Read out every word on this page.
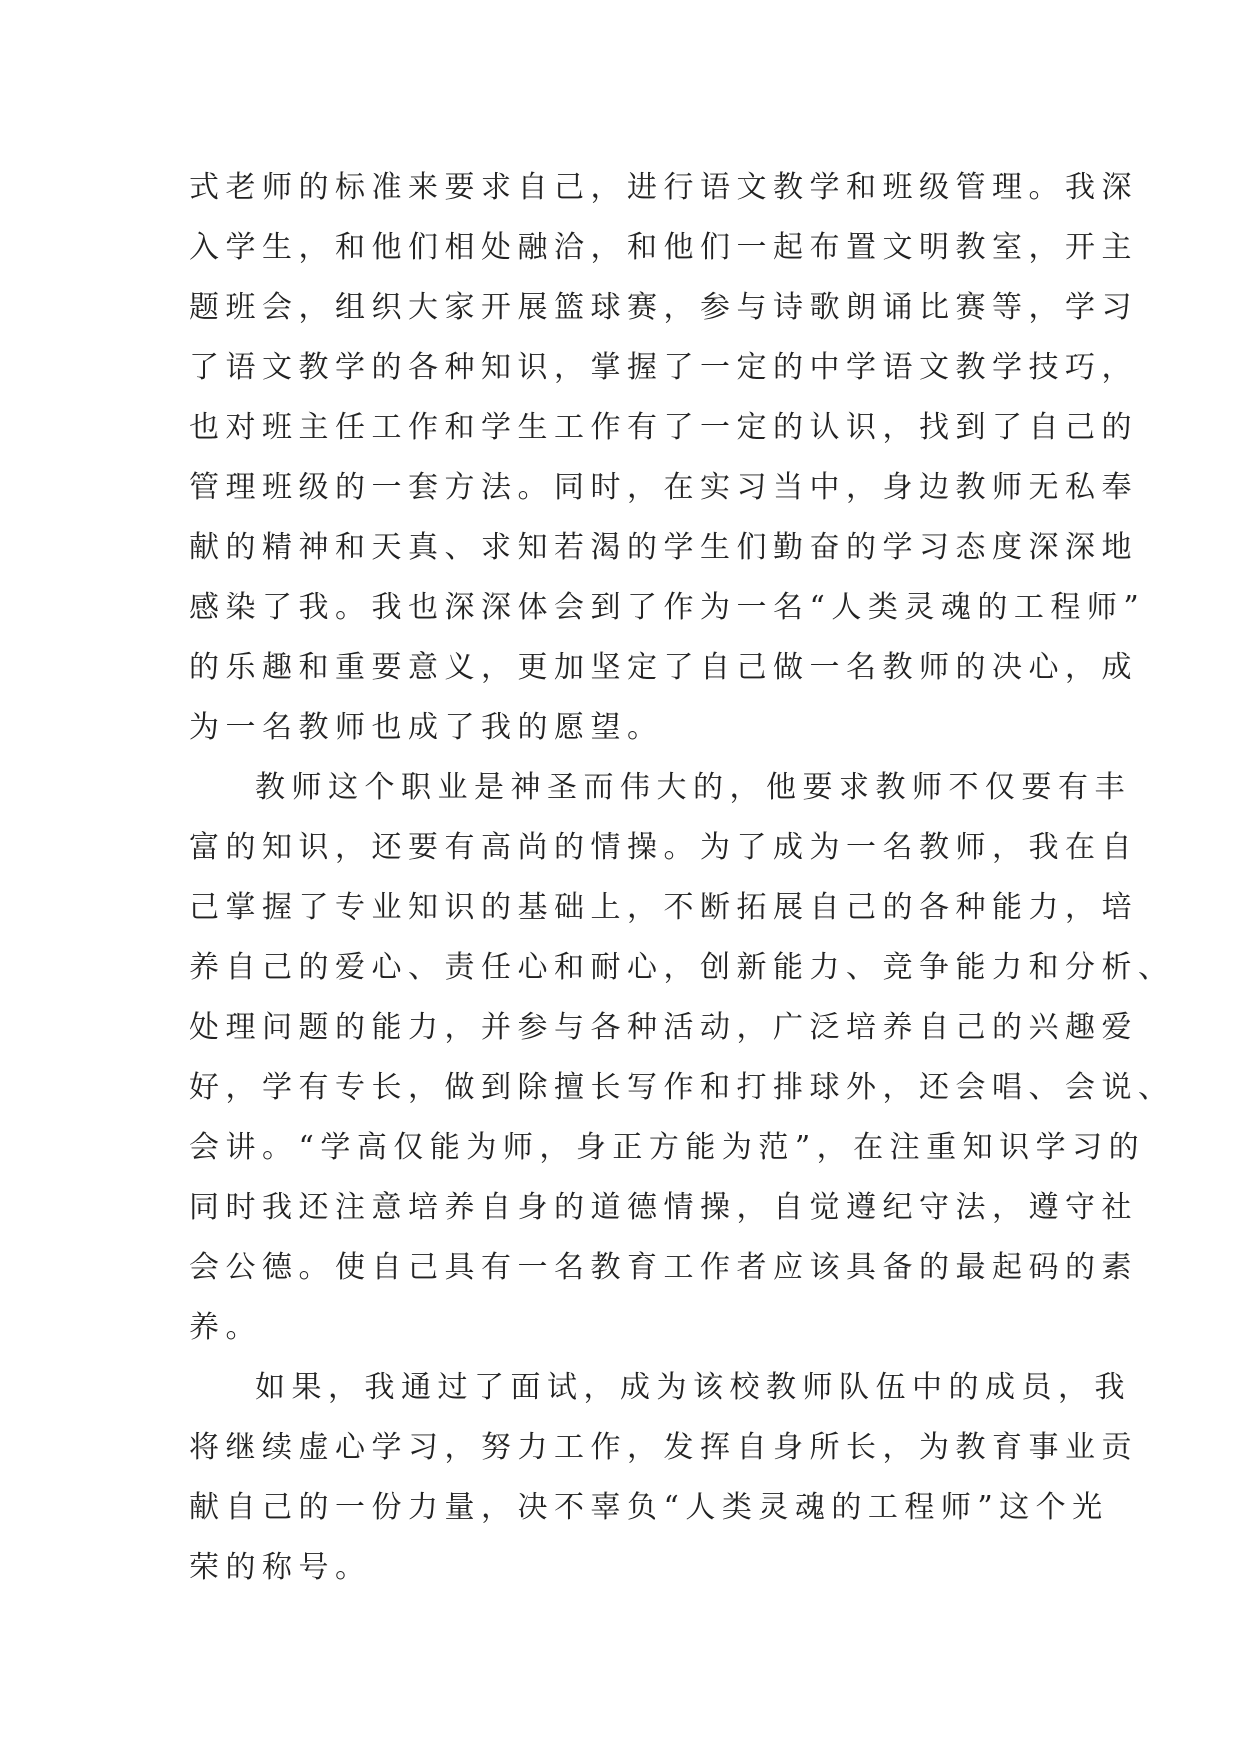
式老师的标准来要求自己，进行语文教学和班级管理。我深
入学生，和他们相处融洽，和他们一起布置文明教室，开主
题班会，组织大家开展篮球赛，参与诗歌朗诵比赛等，学习
了语文教学的各种知识，掌握了一定的中学语文教学技巧，
也对班主任工作和学生工作有了一定的认识，找到了自己的
管理班级的一套方法。同时，在实习当中，身边教师无私奉
献的精神和天真、求知若渴的学生们勤奋的学习态度深深地
感染了我。我也深深体会到了作为一名“人类灵魂的工程师”
的乐趣和重要意义，更加坚定了自己做一名教师的决心，成
为一名教师也成了我的愿望。
教师这个职业是神圣而伟大的，他要求教师不仅要有丰
富的知识，还要有高尚的情操。为了成为一名教师，我在自
己掌握了专业知识的基础上，不断拓展自己的各种能力，培
养自己的爱心、责任心和耐心，创新能力、竞争能力和分析、
处理问题的能力，并参与各种活动，广泛培养自己的兴趣爱
好，学有专长，做到除擅长写作和打排球外，还会唱、会说、
会讲。“学高仅能为师，身正方能为范”，在注重知识学习的
同时我还注意培养自身的道德情操，自觉遵纪守法，遵守社
会公德。使自己具有一名教育工作者应该具备的最起码的素
养。
如果，我通过了面试，成为该校教师队伍中的成员，我
将继续虚心学习，努力工作，发挥自身所长，为教育事业贡
献自己的一份力量，决不辜负“人类灵魂的工程师”这个光
荣的称号。
